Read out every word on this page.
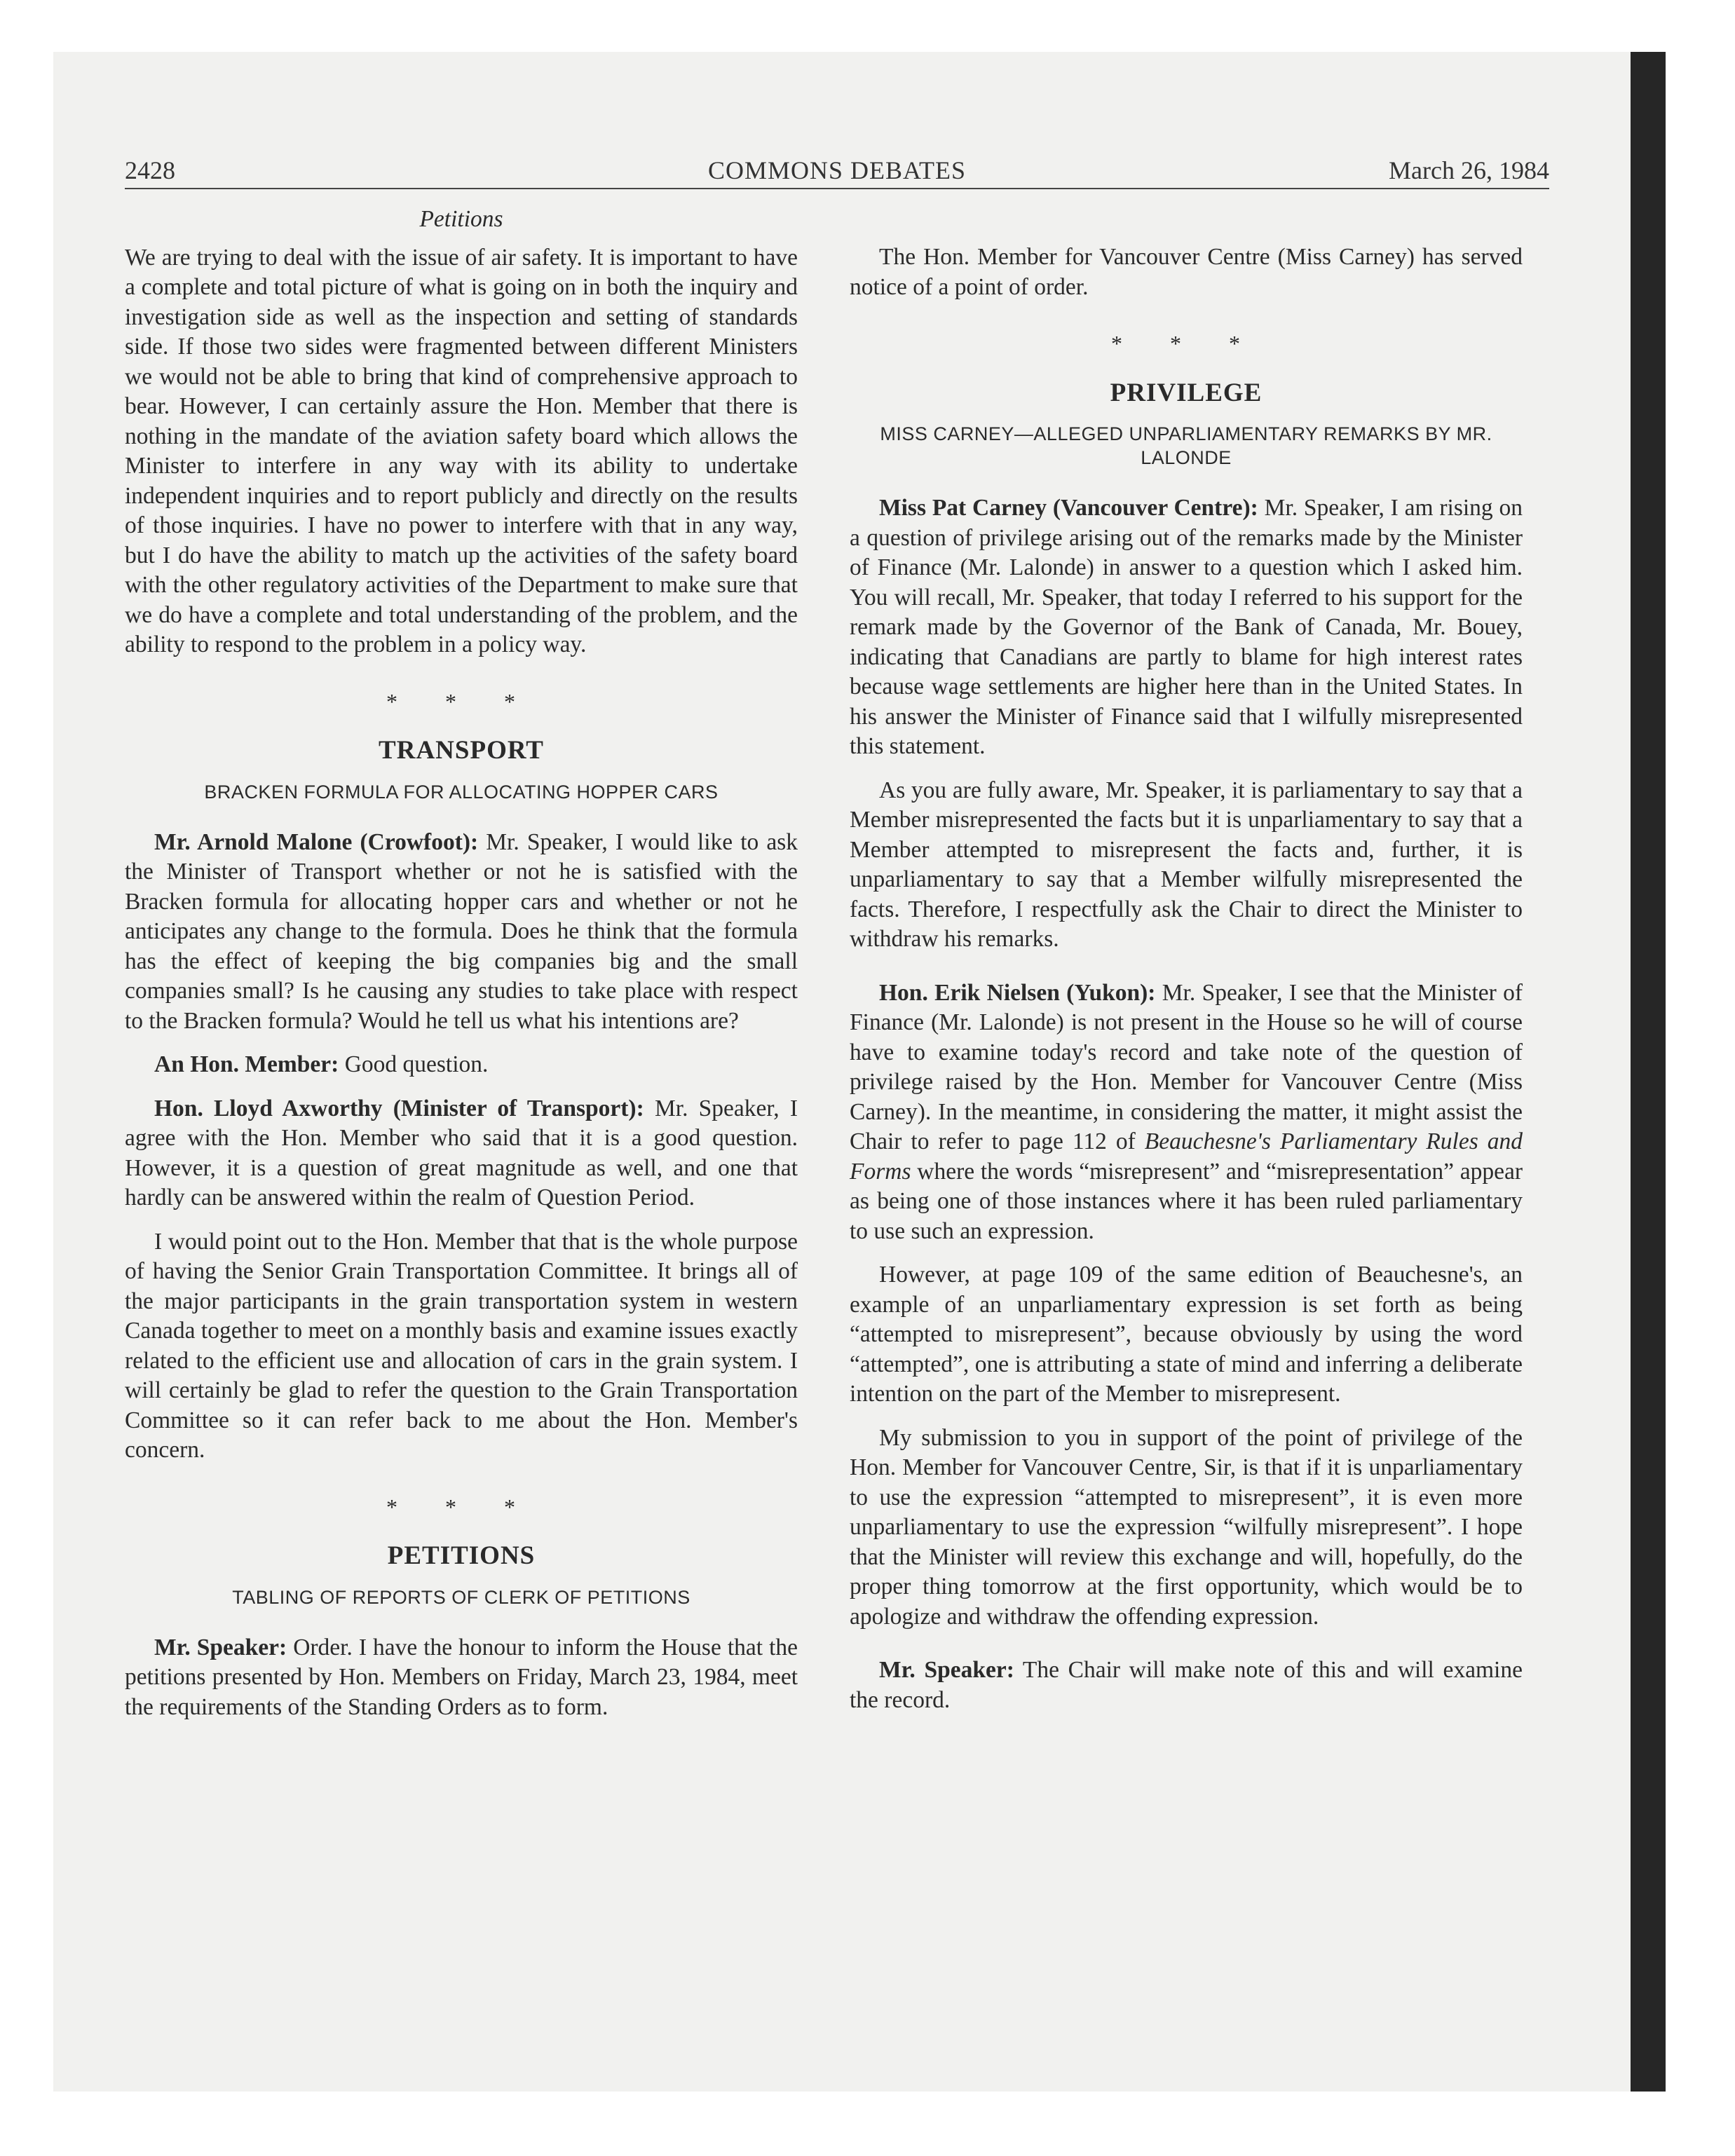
2428	COMMONS DEBATES	March 26, 1984
Petitions

We are trying to deal with the issue of air safety. It is important to have a complete and total picture of what is going on in both the inquiry and investigation side as well as the inspection and setting of standards side. If those two sides were fragmented between different Ministers we would not be able to bring that kind of comprehensive approach to bear. However, I can certainly assure the Hon. Member that there is nothing in the mandate of the aviation safety board which allows the Minister to interfere in any way with its ability to undertake independent inquiries and to report publicly and directly on the results of those inquiries. I have no power to interfere with that in any way, but I do have the ability to match up the activities of the safety board with the other regulatory activities of the Department to make sure that we do have a complete and total understanding of the problem, and the ability to respond to the problem in a policy way.

* * *
TRANSPORT
BRACKEN FORMULA FOR ALLOCATING HOPPER CARS

Mr. Arnold Malone (Crowfoot): Mr. Speaker, I would like to ask the Minister of Transport whether or not he is satisfied with the Bracken formula for allocating hopper cars and whether or not he anticipates any change to the formula. Does he think that the formula has the effect of keeping the big companies big and the small companies small? Is he causing any studies to take place with respect to the Bracken formula? Would he tell us what his intentions are?

An Hon. Member: Good question.

Hon. Lloyd Axworthy (Minister of Transport): Mr. Speaker, I agree with the Hon. Member who said that it is a good question. However, it is a question of great magnitude as well, and one that hardly can be answered within the realm of Question Period.

I would point out to the Hon. Member that that is the whole purpose of having the Senior Grain Transportation Committee. It brings all of the major participants in the grain transportation system in western Canada together to meet on a monthly basis and examine issues exactly related to the efficient use and allocation of cars in the grain system. I will certainly be glad to refer the question to the Grain Transportation Committee so it can refer back to me about the Hon. Member's concern.

* * *
PETITIONS
TABLING OF REPORTS OF CLERK OF PETITIONS

Mr. Speaker: Order. I have the honour to inform the House that the petitions presented by Hon. Members on Friday, March 23, 1984, meet the requirements of the Standing Orders as to form.

The Hon. Member for Vancouver Centre (Miss Carney) has served notice of a point of order.

* * *
PRIVILEGE
MISS CARNEY—ALLEGED UNPARLIAMENTARY REMARKS BY MR. LALONDE

Miss Pat Carney (Vancouver Centre): Mr. Speaker, I am rising on a question of privilege arising out of the remarks made by the Minister of Finance (Mr. Lalonde) in answer to a question which I asked him. You will recall, Mr. Speaker, that today I referred to his support for the remark made by the Governor of the Bank of Canada, Mr. Bouey, indicating that Canadians are partly to blame for high interest rates because wage settlements are higher here than in the United States. In his answer the Minister of Finance said that I wilfully misrepresented this statement.

As you are fully aware, Mr. Speaker, it is parliamentary to say that a Member misrepresented the facts but it is unparliamentary to say that a Member attempted to misrepresent the facts and, further, it is unparliamentary to say that a Member wilfully misrepresented the facts. Therefore, I respectfully ask the Chair to direct the Minister to withdraw his remarks.

Hon. Erik Nielsen (Yukon): Mr. Speaker, I see that the Minister of Finance (Mr. Lalonde) is not present in the House so he will of course have to examine today's record and take note of the question of privilege raised by the Hon. Member for Vancouver Centre (Miss Carney). In the meantime, in considering the matter, it might assist the Chair to refer to page 112 of Beauchesne's Parliamentary Rules and Forms where the words “misrepresent” and “misrepresentation” appear as being one of those instances where it has been ruled parliamentary to use such an expression.

However, at page 109 of the same edition of Beauchesne's, an example of an unparliamentary expression is set forth as being “attempted to misrepresent”, because obviously by using the word “attempted”, one is attributing a state of mind and inferring a deliberate intention on the part of the Member to misrepresent.

My submission to you in support of the point of privilege of the Hon. Member for Vancouver Centre, Sir, is that if it is unparliamentary to use the expression “attempted to misrepresent”, it is even more unparliamentary to use the expression “wilfully misrepresent”. I hope that the Minister will review this exchange and will, hopefully, do the proper thing tomorrow at the first opportunity, which would be to apologize and withdraw the offending expression.

Mr. Speaker: The Chair will make note of this and will examine the record.
